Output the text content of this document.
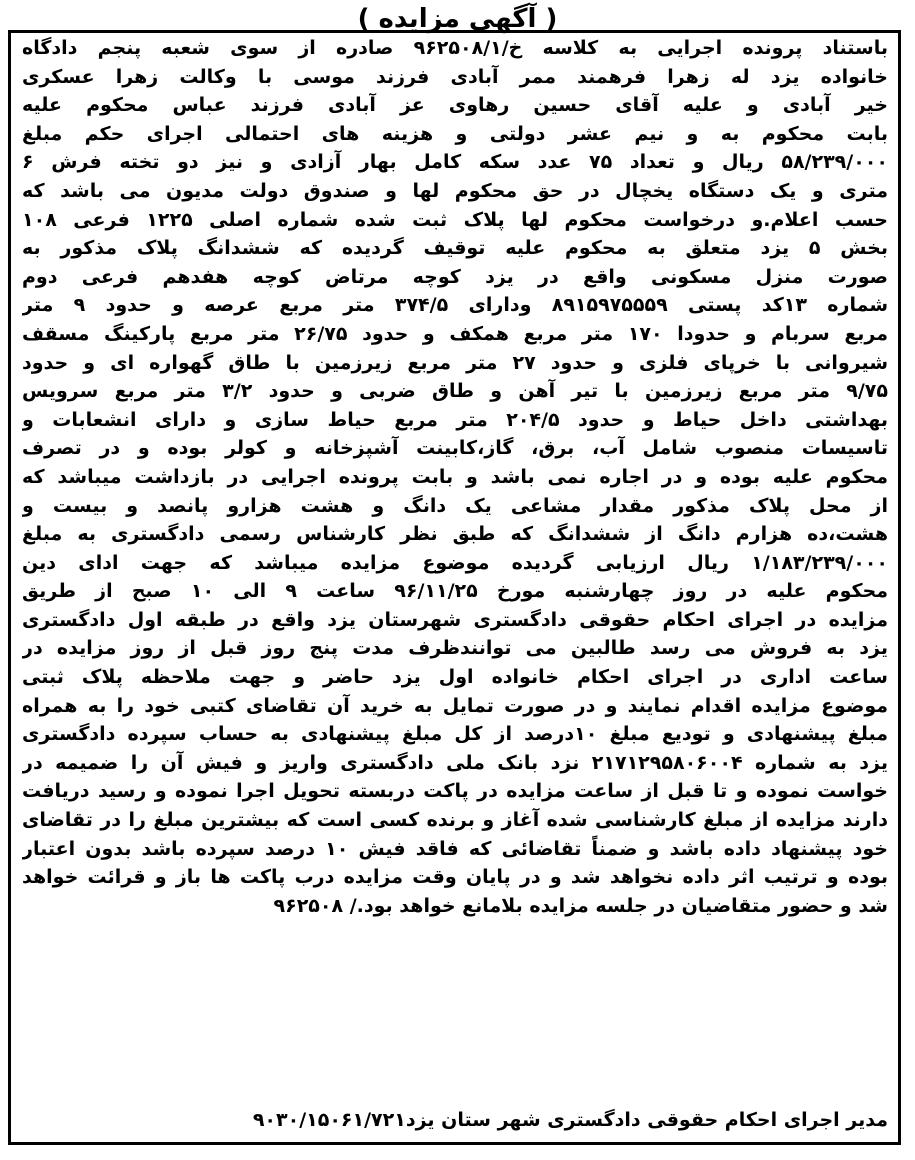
( آگهی مزایده )
باستناد پرونده اجرایی به کلاسه خ/۹۶۲۵۰۸/۱ صادره از سوی شعبه پنجم دادگاه
خانواده یزد له زهرا فرهمند ممر آبادی فرزند موسی با وکالت زهرا عسکری
خیر آبادی و علیه آقای حسین رهاوی عز آبادی فرزند عباس محکوم علیه
بابت محکوم به و نیم عشر دولتی و هزینه های احتمالی اجرای حکم مبلغ
۵۸/۲۳۹/۰۰۰ ریال و تعداد ۷۵ عدد سکه کامل بهار آزادی و نیز دو تخته فرش ۶
متری و یک دستگاه یخچال در حق محکوم لها و صندوق دولت مدیون می باشد که
حسب اعلام.و درخواست محکوم لها پلاک ثبت شده شماره اصلی ۱۲۲۵ فرعی ۱۰۸
بخش ۵ یزد متعلق به محکوم علیه توقیف گردیده که ششدانگ پلاک مذکور به
صورت منزل مسکونی واقع در یزد کوچه مرتاض کوچه هفدهم فرعی دوم
شماره ۱۳کد پستی ۸۹۱۵۹۷۵۵۵۹ ودارای ۳۷۴/۵ متر مربع عرصه و حدود ۹ متر
مربع سربام و حدودا ۱۷۰ متر مربع همکف و حدود ۲۶/۷۵ متر مربع پارکینگ مسقف
شیروانی با خرپای فلزی و حدود ۲۷ متر مربع زیرزمین با طاق گهواره ای و حدود
۹/۷۵ متر مربع زیرزمین با تیر آهن و طاق ضربی و حدود ۳/۲ متر مربع سرویس
بهداشتی داخل حیاط و حدود ۲۰۴/۵ متر مربع حیاط سازی و دارای انشعابات و
تاسیسات منصوب شامل آب، برق، گاز،کابینت آشپزخانه و کولر بوده و در تصرف
محکوم علیه بوده و در اجاره نمی باشد و بابت پرونده اجرایی در بازداشت میباشد که
از محل پلاک مذکور مقدار مشاعی یک دانگ و هشت هزارو پانصد و بیست و
هشت،ده هزارم دانگ از ششدانگ که طبق نظر کارشناس رسمی دادگستری به مبلغ
۱/۱۸۳/۲۳۹/۰۰۰ ریال ارزیابی گردیده موضوع مزایده میباشد که جهت ادای دین
محکوم علیه در روز چهارشنبه مورخ ۹۶/۱۱/۲۵ ساعت ۹ الی ۱۰ صبح از طریق
مزایده در اجرای احکام حقوقی دادگستری شهرستان یزد واقع در طبقه اول دادگستری
یزد به فروش می رسد طالبین می توانندظرف مدت پنج روز قبل از روز مزایده در
ساعت اداری در اجرای احکام خانواده اول یزد حاضر و جهت ملاحظه پلاک ثبتی
موضوع مزایده اقدام نمایند و در صورت تمایل به خرید آن تقاضای کتبی خود را به همراه
مبلغ پیشنهادی و تودیع مبلغ ۱۰درصد از کل مبلغ پیشنهادی به حساب سپرده دادگستری
یزد به شماره ۲۱۷۱۲۹۵۸۰۶۰۰۴ نزد بانک ملی دادگستری واریز و فیش آن را ضمیمه در
خواست نموده و تا قبل از ساعت مزایده در پاکت دربسته تحویل اجرا نموده و رسید دریافت
دارند مزایده از مبلغ کارشناسی شده آغاز و برنده کسی است که بیشترین مبلغ را در تقاضای
خود پیشنهاد داده باشد و ضمناً تقاضائی که فاقد فیش ۱۰ درصد سپرده باشد بدون اعتبار
بوده و ترتیب اثر داده نخواهد شد و در پایان وقت مزایده درب پاکت ها باز و قرائت خواهد
شد و حضور متقاضیان در جلسه مزایده بلامانع خواهد بود./ ۹۶۲۵۰۸
مدیر اجرای احکام حقوقی دادگستری شهر ستان یزد۹۰۳۰/۱۵۰۶۱/۷۲۱
